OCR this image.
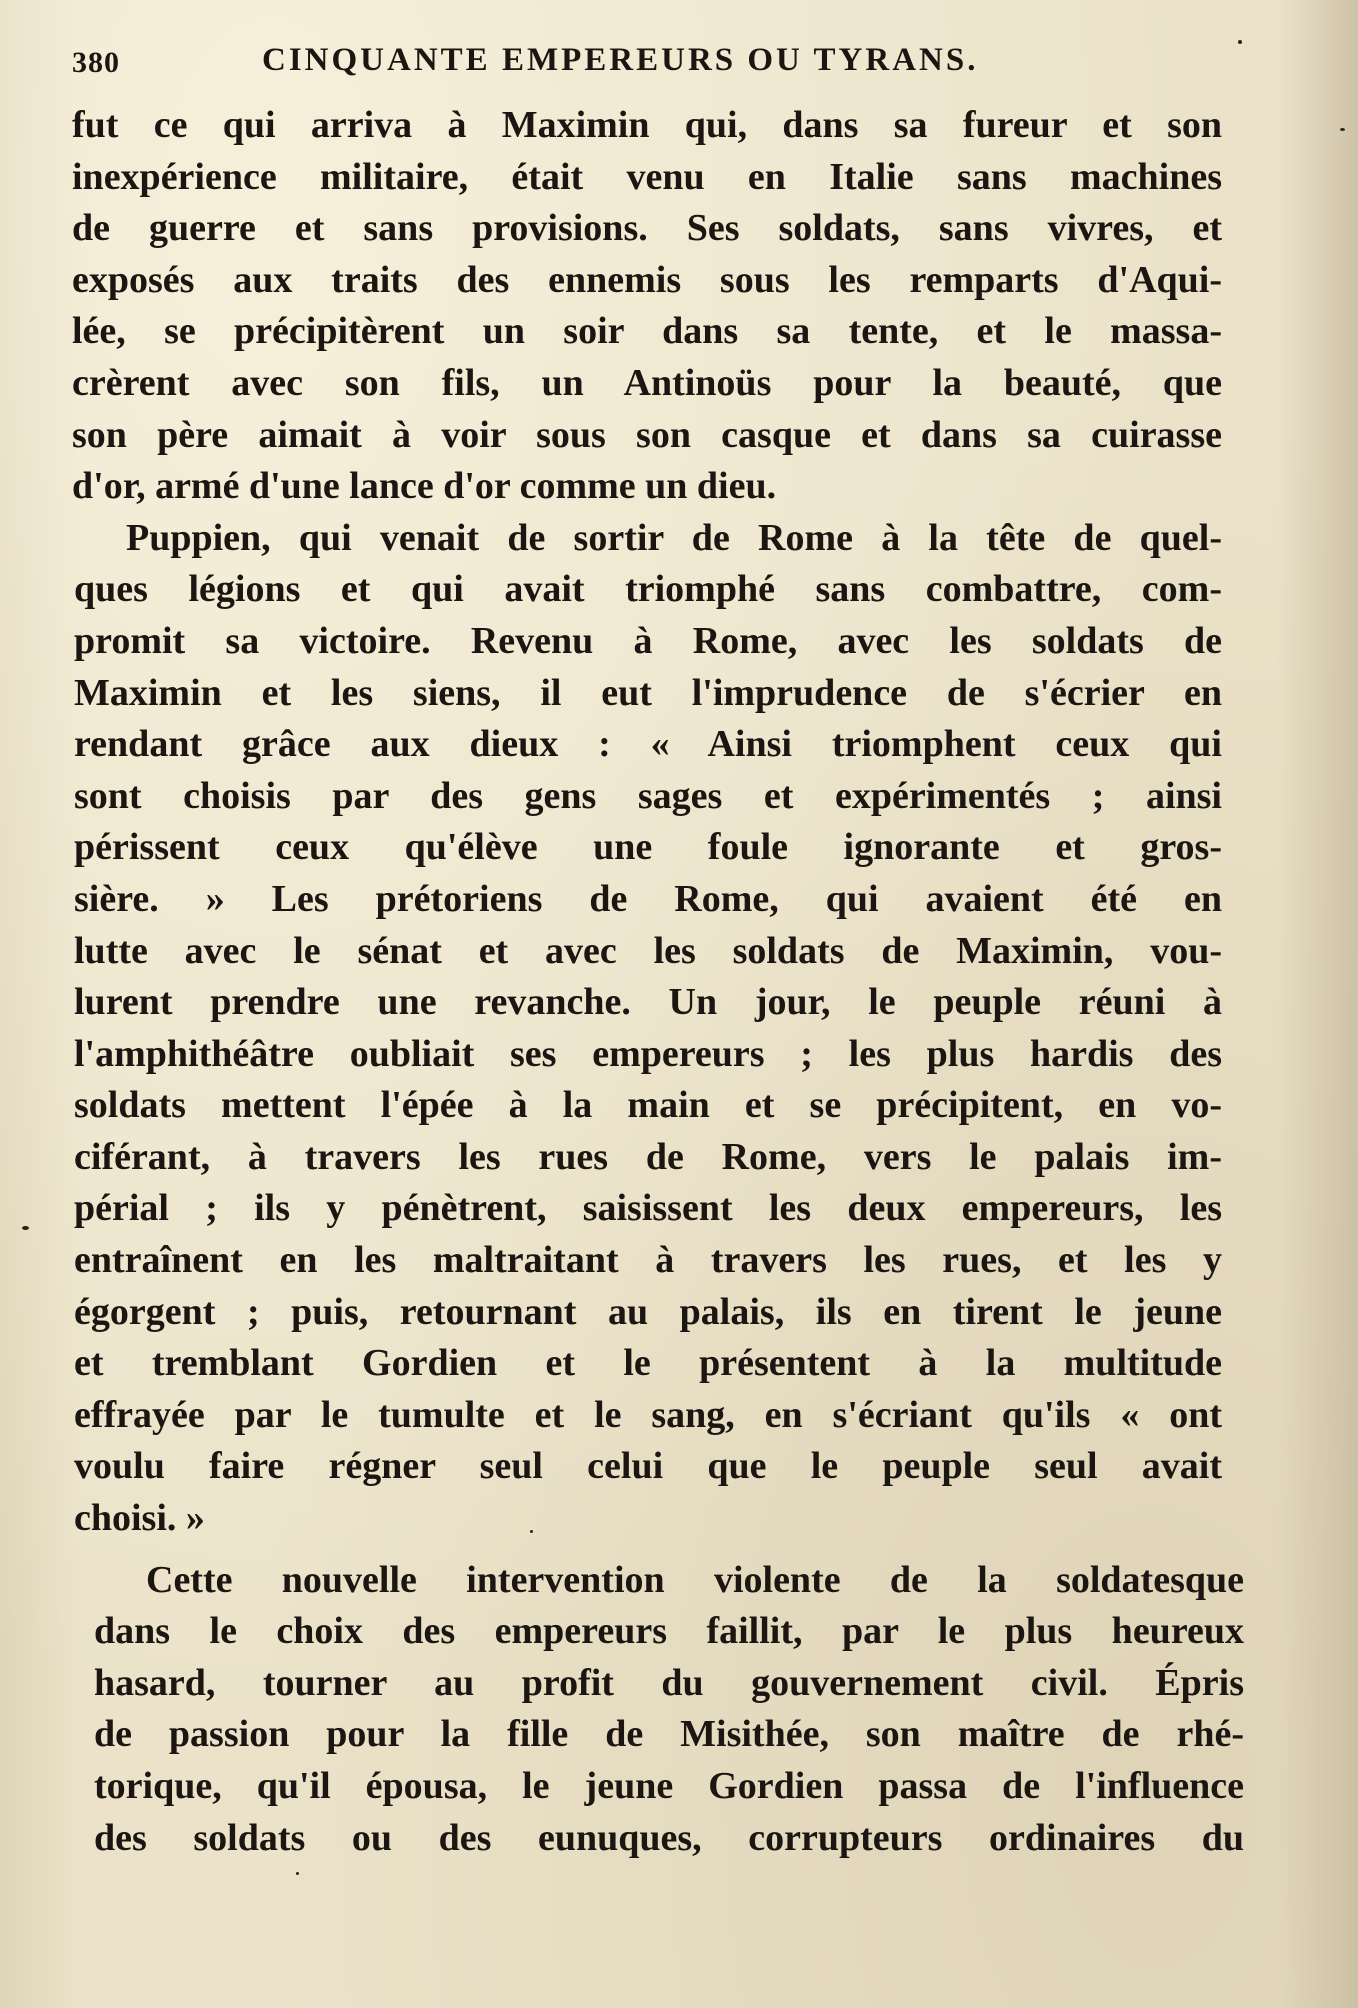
380	CINQUANTE EMPEREURS OU TYRANS.
fut ce qui arriva à Maximin qui, dans sa fureur et son
inexpérience militaire, était venu en Italie sans machines
de guerre et sans provisions. Ses soldats, sans vivres, et
exposés aux traits des ennemis sous les remparts d'Aqui-
lée, se précipitèrent un soir dans sa tente, et le massa-
crèrent avec son fils, un Antinoüs pour la beauté, que
son père aimait à voir sous son casque et dans sa cuirasse
d'or, armé d'une lance d'or comme un dieu.
Puppien, qui venait de sortir de Rome à la tête de quel-
ques légions et qui avait triomphé sans combattre, com-
promit sa victoire. Revenu à Rome, avec les soldats de
Maximin et les siens, il eut l'imprudence de s'écrier en
rendant grâce aux dieux : « Ainsi triomphent ceux qui
sont choisis par des gens sages et expérimentés ; ainsi
périssent ceux qu'élève une foule ignorante et gros-
sière. » Les prétoriens de Rome, qui avaient été en
lutte avec le sénat et avec les soldats de Maximin, vou-
lurent prendre une revanche. Un jour, le peuple réuni à
l'amphithéâtre oubliait ses empereurs ; les plus hardis des
soldats mettent l'épée à la main et se précipitent, en vo-
ciférant, à travers les rues de Rome, vers le palais im-
périal ; ils y pénètrent, saisissent les deux empereurs, les
entraînent en les maltraitant à travers les rues, et les y
égorgent ; puis, retournant au palais, ils en tirent le jeune
et tremblant Gordien et le présentent à la multitude
effrayée par le tumulte et le sang, en s'écriant qu'ils « ont
voulu faire régner seul celui que le peuple seul avait
choisi. »
Cette nouvelle intervention violente de la soldatesque
dans le choix des empereurs faillit, par le plus heureux
hasard, tourner au profit du gouvernement civil. Épris
de passion pour la fille de Misithée, son maître de rhé-
torique, qu'il épousa, le jeune Gordien passa de l'influence
des soldats ou des eunuques, corrupteurs ordinaires du
